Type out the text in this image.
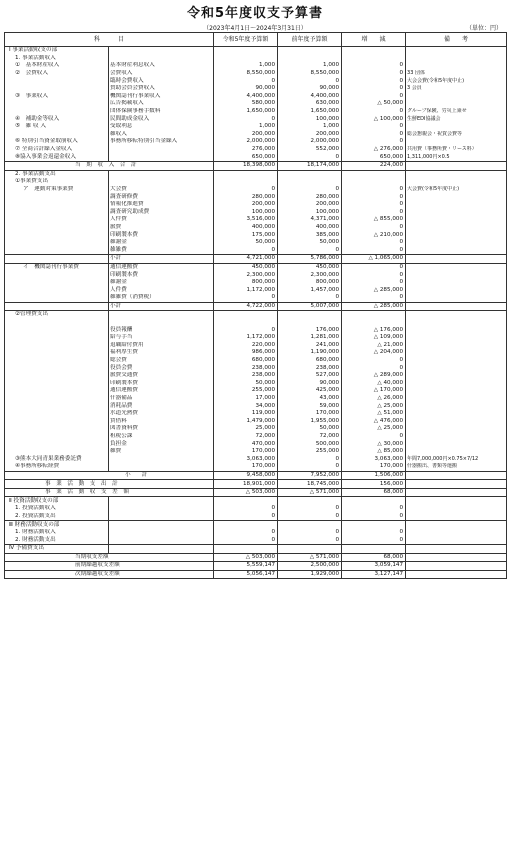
令和5年度収支予算書
（2023年4月1日～2024年3月31日）	（単位：円）
科　　　目		令和5年度予算額	前年度予算額	増　　減	備　　考
Ⅰ 事業活動収支の部					
1. 事業活動収入					
①　基本財産収入	基本財産利息収入	1,000	1,000	0	
②　会費収入	会費収入	8,550,000	8,550,000	0	33 団体
	臨時会費収入	0	0	0	大会会費(令和5年度中止)
	賛助会員会費収入	90,000	90,000	0	3 会員
③　事業収入	機関誌刊行事業収入	4,400,000	4,400,000	0	
	広告掲載収入	580,000	630,000	△ 50,000	
	団体保険事務手数料	1,650,000	1,650,000	0	グループ保険、労災上乗せ
④　補助金等収入	民間助成金収入	0	100,000	△ 100,000	生鮮EDI協議会
⑤　雑 収 入	受取利息	1,000	1,000	0	
	雑収入	200,000	200,000	0	総会懇親会・祝賀会費等
⑥ 特別引当資金取崩収入	事務所移転特別引当金繰入	2,000,000	2,000,000	0	
⑦ 全商合計繰入金収入		276,000	552,000	△ 276,000	共用費（事務所費・リース料）
⑧協入事業会返還金収入		650,000	0	650,000	1,311,000円×0.5
当　期　収　入　合　計		18,398,000	18,174,000	224,000	
2. 事業活動支出					
①事業費支出					
ア　運動対策事業費	大会費	0	0	0	大会費(令和5年度中止)
	調査研修費	280,000	280,000	0	
	情報化推進費	200,000	200,000	0	
	調査研究助成費	100,000	100,000	0	
	人件費	3,516,000	4,371,000	△ 855,000	
	旅費	400,000	400,000	0	
	印刷製本費	175,000	385,000	△ 210,000	
	雑謝金	50,000	50,000	0	
	雑雑費	0	0	0	
	小計	4,721,000	5,786,000	△ 1,065,000	
イ　機関誌刊行事業費	通信運搬費	450,000	450,000	0	
	印刷製本費	2,300,000	2,300,000	0	
	雑謝金	800,000	800,000	0	
	人件費	1,172,000	1,457,000	△ 285,000	
	雑雑費（消費税）	0	0	0	
	小計	4,722,000	5,007,000	△ 285,000	
②管理費支出					

	役員報酬	0	176,000	△ 176,000	
	給与手当	1,172,000	1,281,000	△ 109,000	
	退職給付費用	220,000	241,000	△ 21,000	
	福利厚生費	986,000	1,190,000	△ 204,000	
	総会費	680,000	680,000	0	
	役員会費	238,000	238,000	0	
	旅費交通費	238,000	527,000	△ 289,000	
	印刷製本費	50,000	90,000	△ 40,000	
	通信運搬費	255,000	425,000	△ 170,000	
	什器備品	17,000	43,000	△ 26,000	
	消耗品費	34,000	59,000	△ 25,000	
	水道光熱費	119,000	170,000	△ 51,000	
	賃借料	1,479,000	1,955,000	△ 476,000	
	図書資料費	25,000	50,000	△ 25,000	
	租税公課	72,000	72,000	0	
	負担金	470,000	500,000	△ 30,000	
	雑費	170,000	255,000	△ 85,000	
③熊本大同青果業務委託費		3,063,000	0	3,063,000	年間7,000,000円×0.75×7/12
④事務所移転経費		170,000	0	170,000	什器搬出、書類等運搬
小　　計		9,458,000	7,952,000	1,506,000	
事　業　活　動　支　出　計		18,901,000	18,745,000	156,000	
事　業　活　動　収　支　差　額		△ 503,000	△ 571,000	68,000	
Ⅱ 投資活動収支の部					
1. 投資活動収入		0	0	0	
2. 投資活動支出		0	0	0	
Ⅲ 財務活動収支の部					
1. 財務活動収入		0	0	0	
2. 財務活動支出		0	0	0	
Ⅳ 予備費支出					
当期収支差額		△ 503,000	△ 571,000	68,000	
前期繰越収支差額		5,559,147	2,500,000	3,059,147	
次期繰越収支差額		5,056,147	1,929,000	3,127,147	
